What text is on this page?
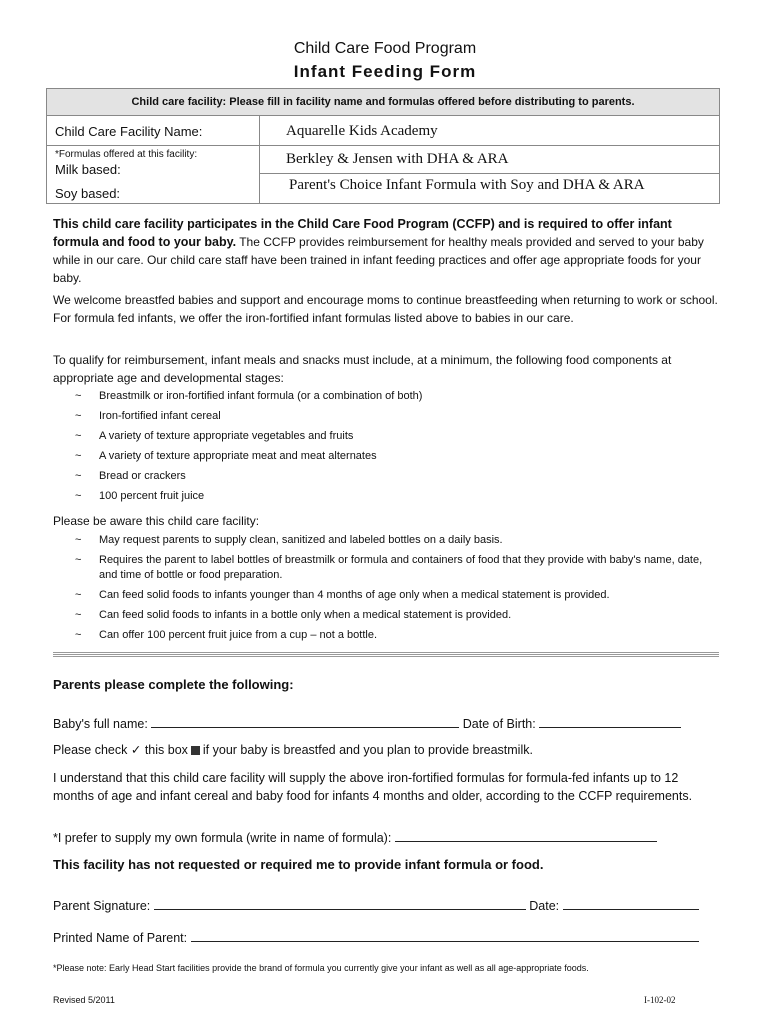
Child Care Food Program
Infant Feeding Form
Child care facility: Please fill in facility name and formulas offered before distributing to parents.
Child Care Facility Name:	Aquarelle Kids Academy
*Formulas offered at this facility:
Milk based:
Berkley & Jensen with DHA & ARA
Soy based:
Parent's Choice Infant Formula with Soy and DHA & ARA
This child care facility participates in the Child Care Food Program (CCFP) and is required to offer infant formula and food to your baby. The CCFP provides reimbursement for healthy meals provided and served to your baby while in our care. Our child care staff have been trained in infant feeding practices and offer age appropriate foods for your baby.
We welcome breastfed babies and support and encourage moms to continue breastfeeding when returning to work or school. For formula fed infants, we offer the iron-fortified infant formulas listed above to babies in our care.
To qualify for reimbursement, infant meals and snacks must include, at a minimum, the following food components at appropriate age and developmental stages:
~ Breastmilk or iron-fortified infant formula (or a combination of both)
~ Iron-fortified infant cereal
~ A variety of texture appropriate vegetables and fruits
~ A variety of texture appropriate meat and meat alternates
~ Bread or crackers
~ 100 percent fruit juice
Please be aware this child care facility:
~ May request parents to supply clean, sanitized and labeled bottles on a daily basis.
~ Requires the parent to label bottles of breastmilk or formula and containers of food that they provide with baby's name, date, and time of bottle or food preparation.
~ Can feed solid foods to infants younger than 4 months of age only when a medical statement is provided.
~ Can feed solid foods to infants in a bottle only when a medical statement is provided.
~ Can offer 100 percent fruit juice from a cup – not a bottle.
Parents please complete the following:
Baby's full name:	Date of Birth:
Please check ✓ this box if your baby is breastfed and you plan to provide breastmilk.
I understand that this child care facility will supply the above iron-fortified formulas for formula-fed infants up to 12 months of age and infant cereal and baby food for infants 4 months and older, according to the CCFP requirements.
*I prefer to supply my own formula (write in name of formula):
This facility has not requested or required me to provide infant formula or food.
Parent Signature:	Date:
Printed Name of Parent:
*Please note: Early Head Start facilities provide the brand of formula you currently give your infant as well as all age-appropriate foods.
Revised 5/2011	I-102-02
